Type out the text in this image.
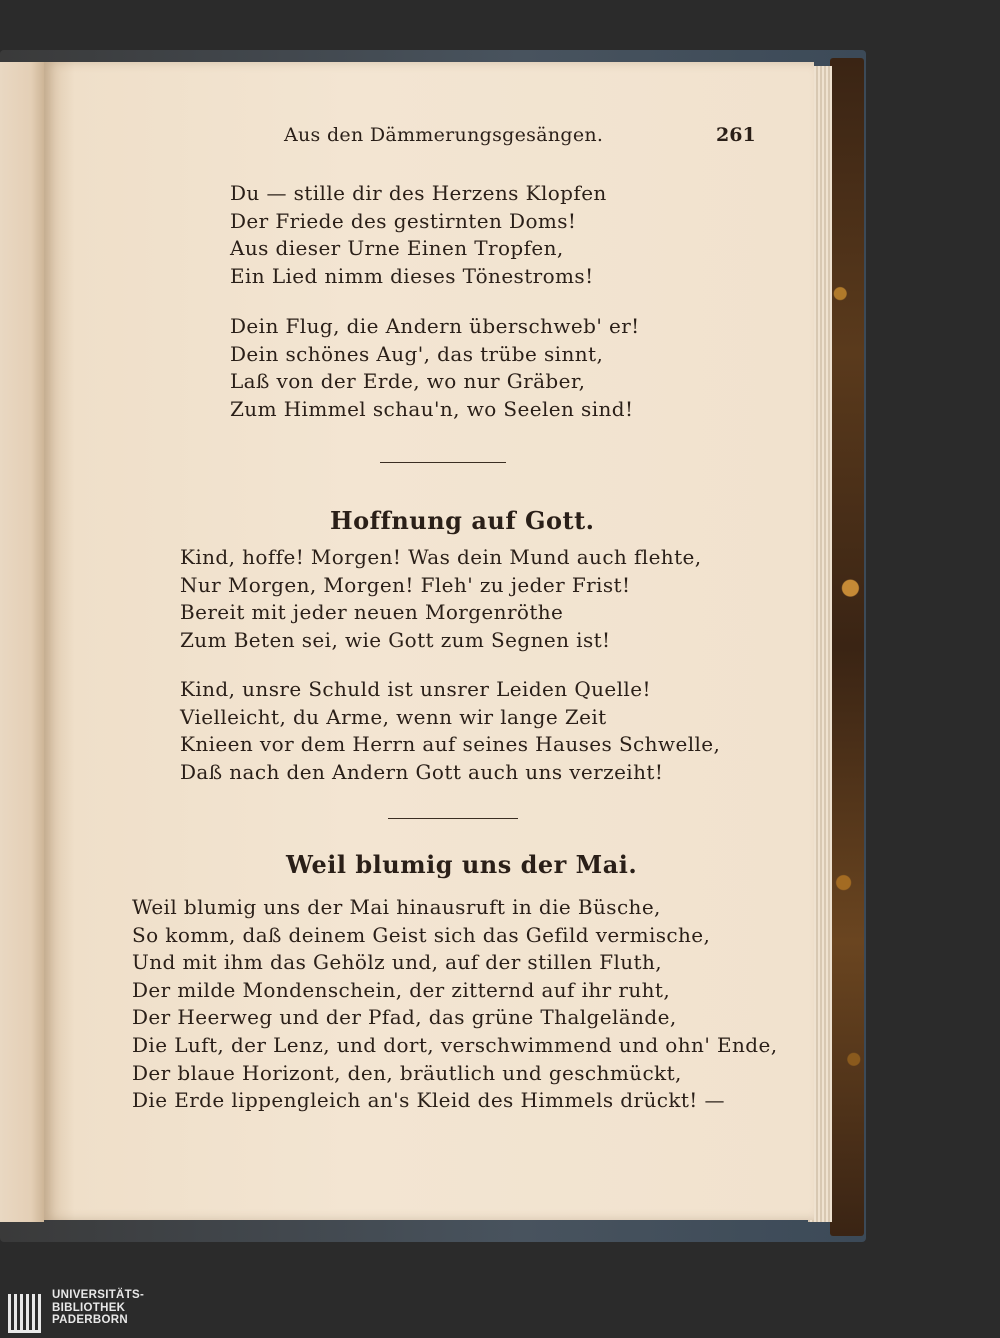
Aus den Dämmerungsgesängen.	261
Du — stille dir des Herzens Klopfen
Der Friede des gestirnten Doms!
Aus dieser Urne Einen Tropfen,
Ein Lied nimm dieses Tönestroms!
Dein Flug, die Andern überschweb' er!
Dein schönes Aug', das trübe sinnt,
Laß von der Erde, wo nur Gräber,
Zum Himmel schau'n, wo Seelen sind!
Hoffnung auf Gott.
Kind, hoffe! Morgen! Was dein Mund auch flehte,
Nur Morgen, Morgen! Fleh' zu jeder Frist!
Bereit mit jeder neuen Morgenröthe
Zum Beten sei, wie Gott zum Segnen ist!
Kind, unsre Schuld ist unsrer Leiden Quelle!
Vielleicht, du Arme, wenn wir lange Zeit
Knieen vor dem Herrn auf seines Hauses Schwelle,
Daß nach den Andern Gott auch uns verzeiht!
Weil blumig uns der Mai.
Weil blumig uns der Mai hinausruft in die Büsche,
So komm, daß deinem Geist sich das Gefild vermische,
Und mit ihm das Gehölz und, auf der stillen Fluth,
Der milde Mondenschein, der zitternd auf ihr ruht,
Der Heerweg und der Pfad, das grüne Thalgelände,
Die Luft, der Lenz, und dort, verschwimmend und ohn' Ende,
Der blaue Horizont, den, bräutlich und geschmückt,
Die Erde lippengleich an's Kleid des Himmels drückt! —
UNIVERSITÄTS-
BIBLIOTHEK
PADERBORN
